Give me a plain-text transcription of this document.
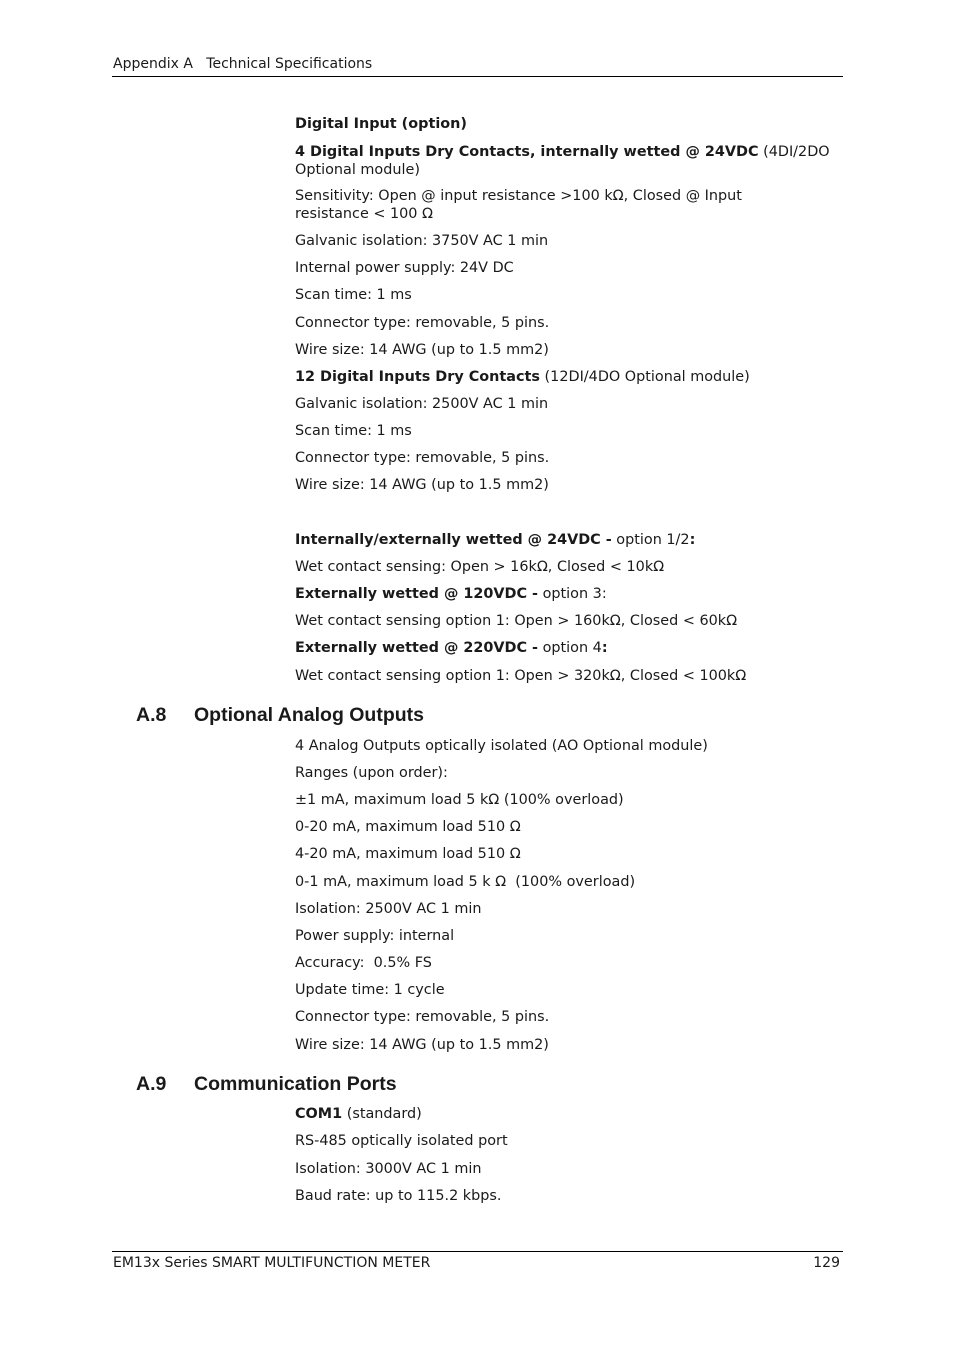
Appendix A   Technical Specifications
Digital Input (option)
4 Digital Inputs Dry Contacts, internally wetted @ 24VDC (4DI/2DO Optional module)
Sensitivity: Open @ input resistance >100 kΩ, Closed @ Input resistance < 100 Ω
Galvanic isolation: 3750V AC 1 min
Internal power supply: 24V DC
Scan time: 1 ms
Connector type: removable, 5 pins.
Wire size: 14 AWG (up to 1.5 mm2)
12 Digital Inputs Dry Contacts (12DI/4DO Optional module)
Galvanic isolation: 2500V AC 1 min
Scan time: 1 ms
Connector type: removable, 5 pins.
Wire size: 14 AWG (up to 1.5 mm2)
Internally/externally wetted @ 24VDC - option 1/2:
Wet contact sensing: Open > 16kΩ, Closed < 10kΩ
Externally wetted @ 120VDC - option 3:
Wet contact sensing option 1: Open > 160kΩ, Closed < 60kΩ
Externally wetted @ 220VDC - option 4:
Wet contact sensing option 1: Open > 320kΩ, Closed < 100kΩ
A.8 Optional Analog Outputs
4 Analog Outputs optically isolated (AO Optional module)
Ranges (upon order):
±1 mA, maximum load 5 kΩ (100% overload)
0-20 mA, maximum load 510 Ω
4-20 mA, maximum load 510 Ω
0-1 mA, maximum load 5 k Ω  (100% overload)
Isolation: 2500V AC 1 min
Power supply: internal
Accuracy:  0.5% FS
Update time: 1 cycle
Connector type: removable, 5 pins.
Wire size: 14 AWG (up to 1.5 mm2)
A.9 Communication Ports
COM1 (standard)
RS-485 optically isolated port
Isolation: 3000V AC 1 min
Baud rate: up to 115.2 kbps.
EM13x Series SMART MULTIFUNCTION METER	129
